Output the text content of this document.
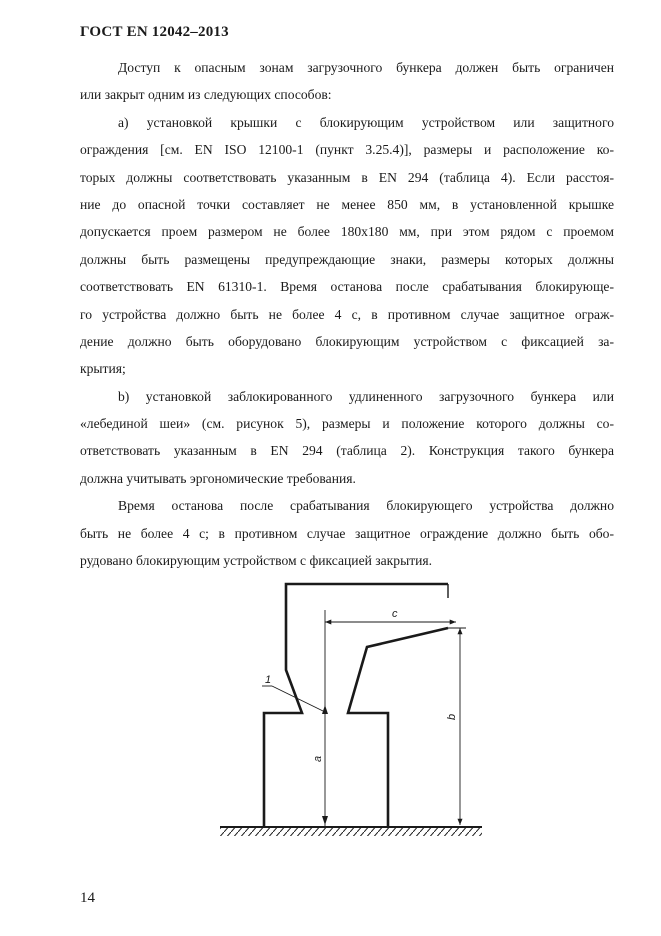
ГОСТ EN 12042–2013
Доступ к опасным зонам загрузочного бункера должен быть ограничен
или закрыт одним из следующих способов:
а) установкой крышки с блокирующим устройством или защитного
ограждения [см. EN ISO 12100-1 (пункт 3.25.4)], размеры и расположение ко-
торых должны соответствовать указанным в EN 294 (таблица 4). Если расстоя-
ние до опасной точки составляет не менее 850 мм, в установленной крышке
допускается проем размером не более 180х180 мм, при этом рядом с проемом
должны быть размещены предупреждающие знаки, размеры которых должны
соответствовать EN 61310-1. Время останова после срабатывания блокирующе-
го устройства должно быть не более 4 с, в противном случае защитное ограж-
дение должно быть оборудовано блокирующим устройством с фиксацией за-
крытия;
b) установкой заблокированного удлиненного загрузочного бункера или
«лебединой шеи» (см. рисунок 5), размеры и положение которого должны со-
ответствовать указанным в EN 294 (таблица 2). Конструкция такого бункера
должна учитывать эргономические требования.
Время останова после срабатывания блокирующего устройства должно
быть не более 4 с; в противном случае защитное ограждение должно быть обо-
рудовано блокирующим устройством с фиксацией закрытия.
1
c
b
a
14
